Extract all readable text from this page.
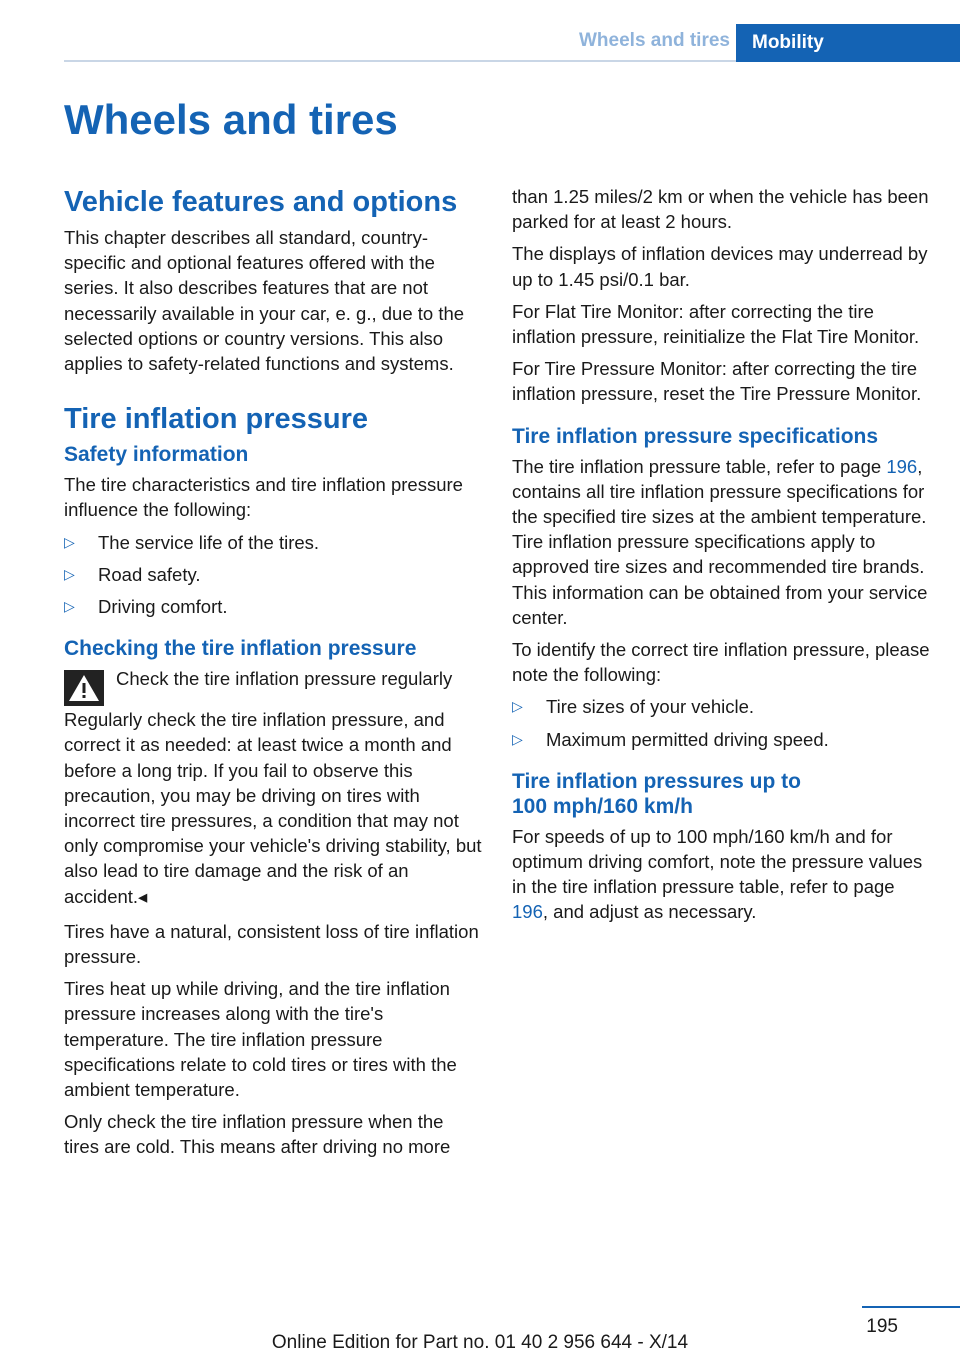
Wheels and tires	Mobility
Wheels and tires
Vehicle features and options

This chapter describes all standard, country-specific and optional features offered with the series. It also describes features that are not necessarily available in your car, e. g., due to the selected options or country versions. This also applies to safety-related functions and systems.

Tire inflation pressure
Safety information

The tire characteristics and tire inflation pressure influence the following:

▷ The service life of the tires.
▷ Road safety.
▷ Driving comfort.
Checking the tire inflation pressure

Check the tire inflation pressure regularly

Regularly check the tire inflation pressure, and correct it as needed: at least twice a month and before a long trip. If you fail to observe this precaution, you may be driving on tires with incorrect tire pressures, a condition that may not only compromise your vehicle's driving stability, but also lead to tire damage and the risk of an accident.◂

Tires have a natural, consistent loss of tire inflation pressure.

Tires heat up while driving, and the tire inflation pressure increases along with the tire's temperature. The tire inflation pressure specifications relate to cold tires or tires with the ambient temperature.

Only check the tire inflation pressure when the tires are cold. This means after driving no more

than 1.25 miles/2 km or when the vehicle has been parked for at least 2 hours.

The displays of inflation devices may underread by up to 1.45 psi/0.1 bar.

For Flat Tire Monitor: after correcting the tire inflation pressure, reinitialize the Flat Tire Monitor.

For Tire Pressure Monitor: after correcting the tire inflation pressure, reset the Tire Pressure Monitor.

Tire inflation pressure specifications

The tire inflation pressure table, refer to page 196, contains all tire inflation pressure specifications for the specified tire sizes at the ambient temperature. Tire inflation pressure specifications apply to approved tire sizes and recommended tire brands. This information can be obtained from your service center.

To identify the correct tire inflation pressure, please note the following:

▷ Tire sizes of your vehicle.
▷ Maximum permitted driving speed.
Tire inflation pressures up to
100 mph/160 km/h

For speeds of up to 100 mph/160 km/h and for optimum driving comfort, note the pressure values in the tire inflation pressure table, refer to page 196, and adjust as necessary.

195
Online Edition for Part no. 01 40 2 956 644 - X/14
